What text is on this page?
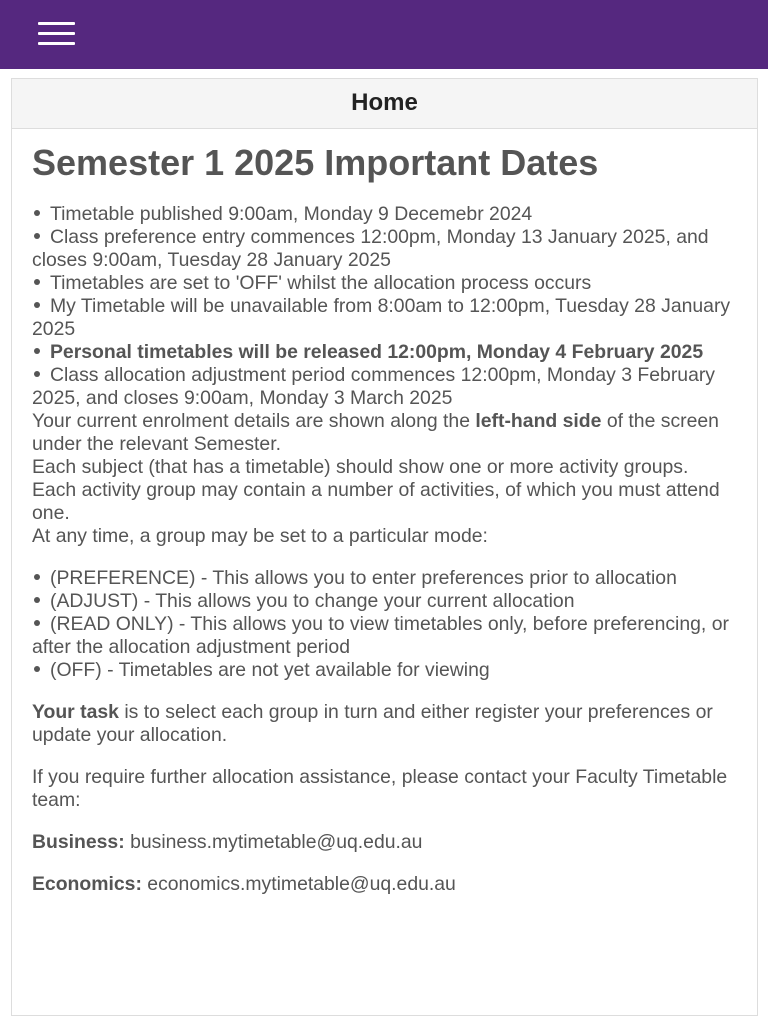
Home
Semester 1 2025 Important Dates
Timetable published 9:00am, Monday 9 Decemebr 2024
Class preference entry commences 12:00pm, Monday 13 January 2025, and closes 9:00am, Tuesday 28 January 2025
Timetables are set to 'OFF' whilst the allocation process occurs
My Timetable will be unavailable from 8:00am to 12:00pm, Tuesday 28 January 2025
Personal timetables will be released 12:00pm, Monday 4 February 2025
Class allocation adjustment period commences 12:00pm, Monday 3 February 2025, and closes 9:00am, Monday 3 March 2025

Your current enrolment details are shown along the left-hand side of the screen under the relevant Semester.

Each subject (that has a timetable) should show one or more activity groups.

Each activity group may contain a number of activities, of which you must attend one.

At any time, a group may be set to a particular mode:

(PREFERENCE) - This allows you to enter preferences prior to allocation
(ADJUST) - This allows you to change your current allocation
(READ ONLY) - This allows you to view timetables only, before preferencing, or after the allocation adjustment period
(OFF) - Timetables are not yet available for viewing

Your task is to select each group in turn and either register your preferences or update your allocation.

If you require further allocation assistance, please contact your Faculty Timetable team:

Business: business.mytimetable@uq.edu.au

Economics: economics.mytimetable@uq.edu.au
